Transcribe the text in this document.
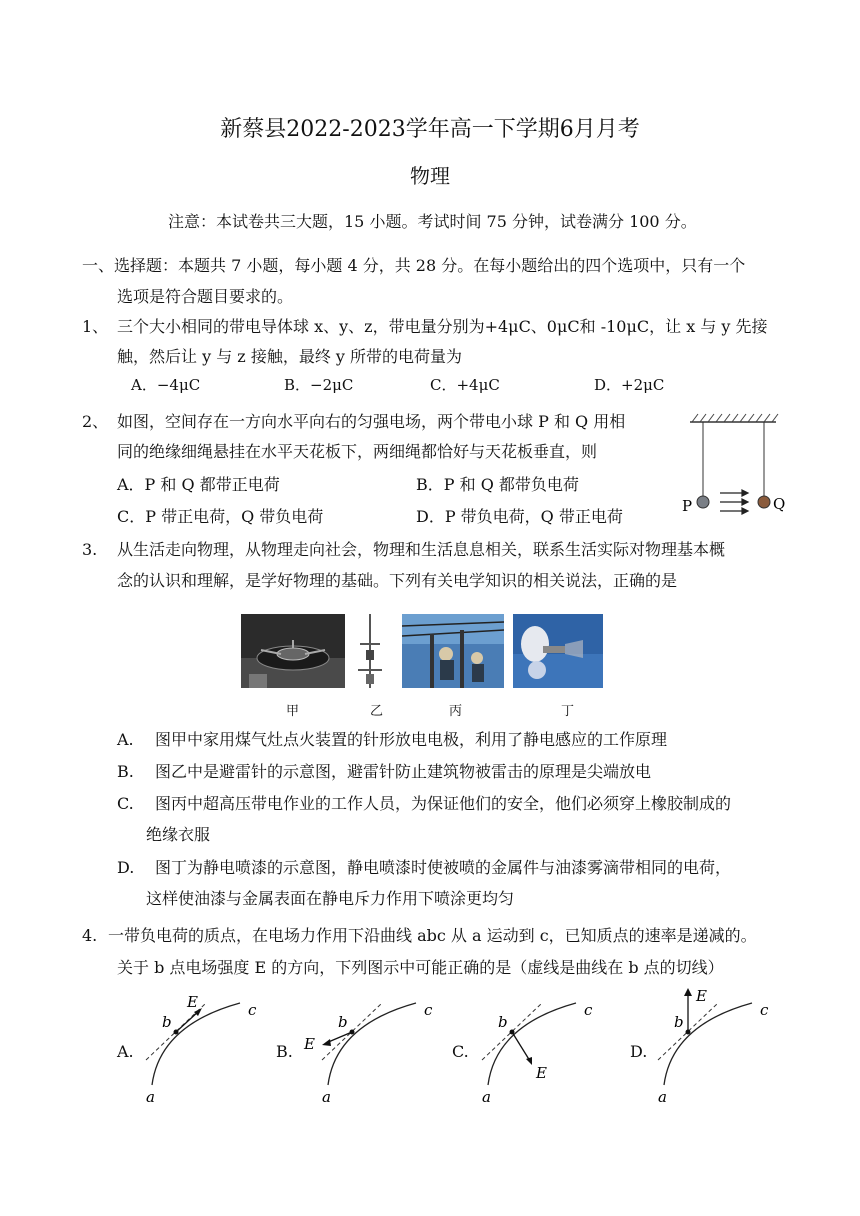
新蔡县2022-2023学年高一下学期6月月考
物理
注意：本试卷共三大题，15 小题。考试时间 75 分钟，试卷满分 100 分。
一、选择题：本题共 7 小题，每小题 4 分，共 28 分。在每小题给出的四个选项中，只有一个
选项是符合题目要求的。
1、 三个大小相同的带电导体球 x、y、z，带电量分别为+4μC、0μC和 -10μC，让 x 与 y 先接
触，然后让 y 与 z 接触，最终 y 所带的电荷量为
A．−4μC	B．−2μC	C．+4μC	D．+2μC
2、 如图，空间存在一方向水平向右的匀强电场，两个带电小球 P 和 Q 用相
同的绝缘细绳悬挂在水平天花板下，两细绳都恰好与天花板垂直，则
A．P 和 Q 都带正电荷	B．P 和 Q 都带负电荷
C．P 带正电荷，Q 带负电荷	D．P 带负电荷，Q 带正电荷
P	Q
3. 从生活走向物理，从物理走向社会，物理和生活息息相关，联系生活实际对物理基本概
念的认识和理解，是学好物理的基础。下列有关电学知识的相关说法，正确的是
甲	乙	丙	丁
A. 图甲中家用煤气灶点火装置的针形放电电极，利用了静电感应的工作原理
B. 图乙中是避雷针的示意图，避雷针防止建筑物被雷击的原理是尖端放电
C. 图丙中超高压带电作业的工作人员，为保证他们的安全，他们必须穿上橡胶制成的
绝缘衣服
D. 图丁为静电喷漆的示意图，静电喷漆时使被喷的金属件与油漆雾滴带相同的电荷，
这样使油漆与金属表面在静电斥力作用下喷涂更均匀
4. 一带负电荷的质点，在电场力作用下沿曲线 abc 从 a 运动到 c，已知质点的速率是递减的。
关于 b 点电场强度 E 的方向，下列图示中可能正确的是（虚线是曲线在 b 点的切线）
A.	B.	C.	D.
E
b
c
a
E
b
c
a
E
b
c
a
E
b
c
a
